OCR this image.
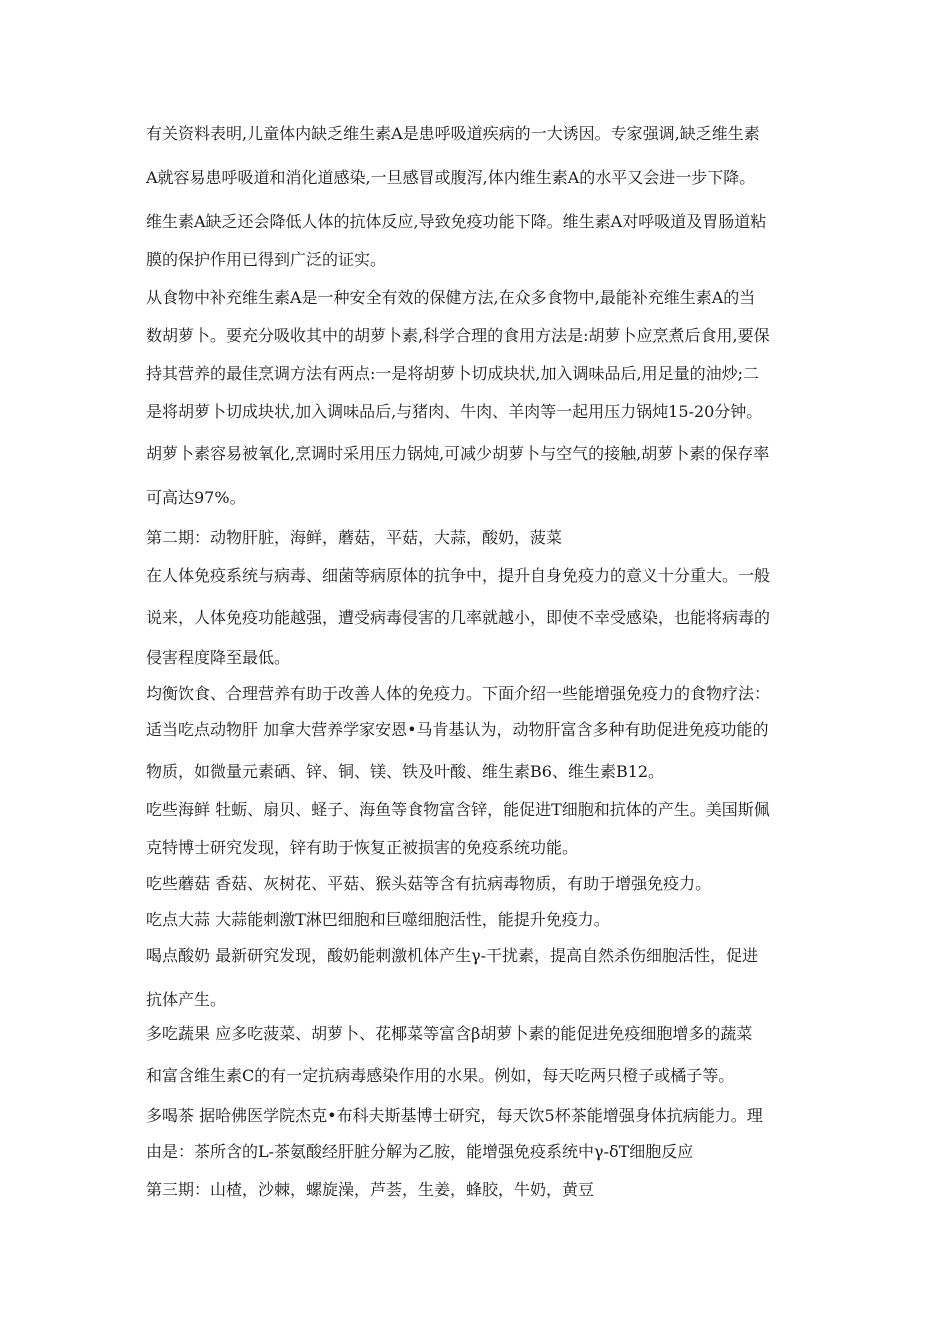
有关资料表明,儿童体内缺乏维生素A是患呼吸道疾病的一大诱因。专家强调,缺乏维生素

A就容易患呼吸道和消化道感染,一旦感冒或腹泻,体内维生素A的水平又会进一步下降。

维生素A缺乏还会降低人体的抗体反应,导致免疫功能下降。维生素A对呼吸道及胃肠道粘

膜的保护作用已得到广泛的证实。

从食物中补充维生素A是一种安全有效的保健方法,在众多食物中,最能补充维生素A的当

数胡萝卜。要充分吸收其中的胡萝卜素,科学合理的食用方法是:胡萝卜应烹煮后食用,要保

持其营养的最佳烹调方法有两点:一是将胡萝卜切成块状,加入调味品后,用足量的油炒;二

是将胡萝卜切成块状,加入调味品后,与猪肉、牛肉、羊肉等一起用压力锅炖15-20分钟。

胡萝卜素容易被氧化,烹调时采用压力锅炖,可减少胡萝卜与空气的接触,胡萝卜素的保存率

可高达97%。

第二期：动物肝脏，海鲜，蘑菇，平菇，大蒜，酸奶，菠菜

在人体免疫系统与病毒、细菌等病原体的抗争中，提升自身免疫力的意义十分重大。一般

说来，人体免疫功能越强，遭受病毒侵害的几率就越小，即使不幸受感染，也能将病毒的

侵害程度降至最低。

均衡饮食、合理营养有助于改善人体的免疫力。下面介绍一些能增强免疫力的食物疗法：

适当吃点动物肝 加拿大营养学家安恩•马肯基认为，动物肝富含多种有助促进免疫功能的

物质，如微量元素硒、锌、铜、镁、铁及叶酸、维生素B6、维生素B12。

吃些海鲜 牡蛎、扇贝、蛏子、海鱼等食物富含锌，能促进T细胞和抗体的产生。美国斯佩

克特博士研究发现，锌有助于恢复正被损害的免疫系统功能。

吃些蘑菇 香菇、灰树花、平菇、猴头菇等含有抗病毒物质，有助于增强免疫力。

吃点大蒜 大蒜能刺激T淋巴细胞和巨噬细胞活性，能提升免疫力。

喝点酸奶 最新研究发现，酸奶能刺激机体产生γ-干扰素，提高自然杀伤细胞活性，促进

抗体产生。

多吃蔬果 应多吃菠菜、胡萝卜、花椰菜等富含β胡萝卜素的能促进免疫细胞增多的蔬菜

和富含维生素C的有一定抗病毒感染作用的水果。例如，每天吃两只橙子或橘子等。

多喝茶 据哈佛医学院杰克•布科夫斯基博士研究，每天饮5杯茶能增强身体抗病能力。理

由是：茶所含的L-茶氨酸经肝脏分解为乙胺，能增强免疫系统中γ-δT细胞反应

第三期：山楂，沙棘，螺旋澡，芦荟，生姜，蜂胶，牛奶，黄豆
